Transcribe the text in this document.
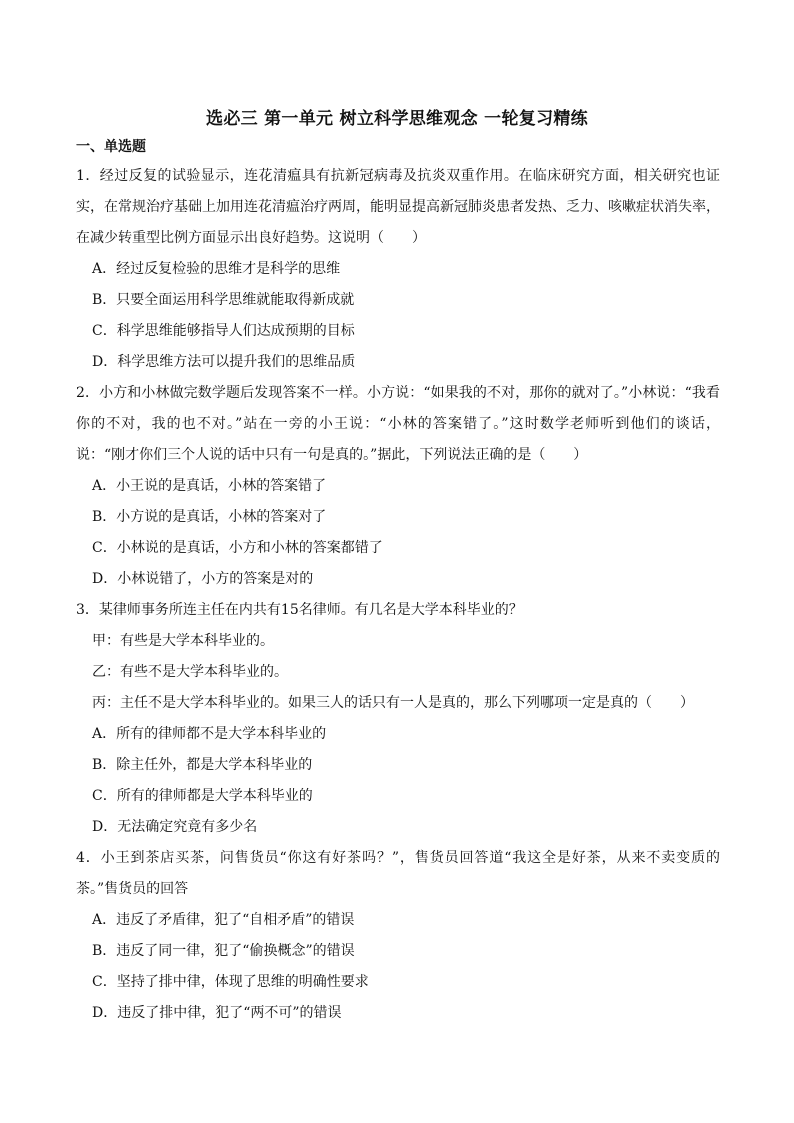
选必三 第一单元 树立科学思维观念 一轮复习精练
一、单选题

1．经过反复的试验显示，连花清瘟具有抗新冠病毒及抗炎双重作用。在临床研究方面，相关研究也证实，在常规治疗基础上加用连花清瘟治疗两周，能明显提高新冠肺炎患者发热、乏力、咳嗽症状消失率，在减少转重型比例方面显示出良好趋势。这说明（　　）

A．经过反复检验的思维才是科学的思维

B．只要全面运用科学思维就能取得新成就

C．科学思维能够指导人们达成预期的目标

D．科学思维方法可以提升我们的思维品质

2．小方和小林做完数学题后发现答案不一样。小方说：“如果我的不对，那你的就对了。”小林说：“我看你的不对，我的也不对。”站在一旁的小王说：“小林的答案错了。”这时数学老师听到他们的谈话，说：“刚才你们三个人说的话中只有一句是真的。”据此，下列说法正确的是（　　）

A．小王说的是真话，小林的答案错了

B．小方说的是真话，小林的答案对了

C．小林说的是真话，小方和小林的答案都错了

D．小林说错了，小方的答案是对的

3．某律师事务所连主任在内共有15名律师。有几名是大学本科毕业的？

甲：有些是大学本科毕业的。

乙：有些不是大学本科毕业的。

丙：主任不是大学本科毕业的。如果三人的话只有一人是真的，那么下列哪项一定是真的（　　）

A．所有的律师都不是大学本科毕业的

B．除主任外，都是大学本科毕业的

C．所有的律师都是大学本科毕业的

D．无法确定究竟有多少名

4．小王到茶店买茶，问售货员“你这有好茶吗？”，售货员回答道“我这全是好茶，从来不卖变质的茶。”售货员的回答

A．违反了矛盾律，犯了“自相矛盾”的错误

B．违反了同一律，犯了“偷换概念”的错误

C．坚持了排中律，体现了思维的明确性要求

D．违反了排中律，犯了“两不可”的错误
